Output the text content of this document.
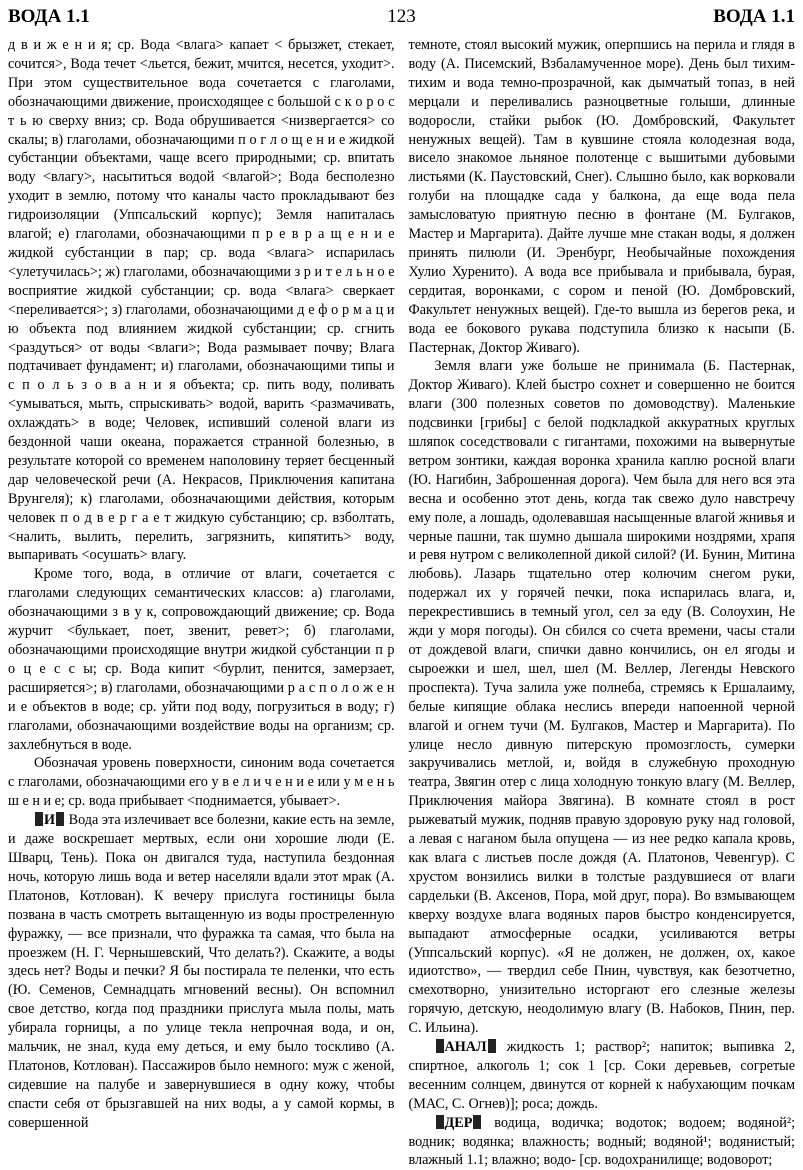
ВОДА 1.1	123	ВОДА 1.1

д в и ж е н и я; ср. Вода <влага> капает < брызжет, стекает, сочится>, Вода течет <льется, бежит, мчится, несется, уходит>. При этом существительное вода сочетается с глаголами, обозначающими движение, происходящее с большой с к о р о с т ь ю сверху вниз; ср. Вода обрушивается <низвергается> со скалы; в) глаголами, обозначающими п о г л о щ е н и е жидкой субстанции объектами, чаще всего природными; ср. впитать воду <влагу>, насытиться водой <влагой>; Вода бесполезно уходит в землю, потому что каналы часто прокладывают без гидроизоляции (Уппсальский корпус); Земля напиталась влагой; е) глаголами, обозначающими п р е в р а щ е н и е жидкой субстанции в пар; ср. вода <влага> испарилась <улетучилась>; ж) глаголами, обозначающими з р и т е л ь н о е восприятие жидкой субстанции; ср. вода <влага> сверкает <переливается>; з) глаголами, обозначающими д е ф о р м а ц и ю объекта под влиянием жидкой субстанции; ср. сгнить <раздуться> от воды <влаги>; Вода размывает почву; Влага подтачивает фундамент; и) глаголами, обозначающими типы и с п о л ь з о в а н и я объекта; ср. пить воду, поливать <умываться, мыть, спрыскивать> водой, варить <размачивать, охлаждать> в воде; Человек, испивший соленой влаги из бездонной чаши океана, поражается странной болезнью, в результате которой со временем наполовину теряет бесценный дар человеческой речи (А. Некрасов, Приключения капитана Врунгеля); к) глаголами, обозначающими действия, которым человек п о д в е р г а е т жидкую субстанцию; ср. взболтать, <налить, вылить, перелить, загрязнить, кипятить> воду, выпаривать <осушать> влагу.

Кроме того, вода, в отличие от влаги, сочетается с глаголами следующих семантических классов: а) глаголами, обозначающими з в у к, сопровождающий движение; ср. Вода журчит <булькает, поет, звенит, ревет>; б) глаголами, обозначающими происходящие внутри жидкой субстанции п р о ц е с с ы; ср. Вода кипит <бурлит, пенится, замерзает, расширяется>; в) глаголами, обозначающими р а с п о л о ж е н и е объектов в воде; ср. уйти под воду, погрузиться в воду; г) глаголами, обозначающими воздействие воды на организм; ср. захлебнуться в воде.

Обозначая уровень поверхности, синоним вода сочетается с глаголами, обозначающими его у в е л и ч е н и е или у м е н ь ш е н и е; ср. вода прибывает <поднимается, убывает>.

И Вода эта излечивает все болезни, какие есть на земле, и даже воскрешает мертвых, если они хорошие люди (Е. Шварц, Тень). Пока он двигался туда, наступила бездонная ночь, которую лишь вода и ветер населяли вдали этот мрак (А. Платонов, Котлован). К вечеру прислуга гостиницы была позвана в часть смотреть вытащенную из воды простреленную фуражку, — все признали, что фуражка та самая, что была на проезжем (Н. Г. Чернышевский, Что делать?). Скажите, а воды здесь нет? Воды и печки? Я бы постирала те пеленки, что есть (Ю. Семенов, Семнадцать мгновений весны). Он вспомнил свое детство, когда под праздники прислуга мыла полы, мать убирала горницы, а по улице текла непрочная вода, и он, мальчик, не знал, куда ему деться, и ему было тоскливо (А. Платонов, Котлован). Пассажиров было немного: муж с женой, сидевшие на палубе и завернувшиеся в одну кожу, чтобы спасти себя от брызгавшей на них воды, а у самой кормы, в совершенной

темноте, стоял высокий мужик, оперпшись на перила и глядя в воду (А. Писемский, Взбаламученное море). День был тихим-тихим и вода темно-прозрачной, как дымчатый топаз, в ней мерцали и переливались разноцветные голыши, длинные водоросли, стайки рыбок (Ю. Домбровский, Факультет ненужных вещей). Там в кувшине стояла колодезная вода, висело знакомое льняное полотенце с вышитыми дубовыми листьями (К. Паустовский, Снег). Слышно было, как ворковали голуби на площадке сада у балкона, да еще вода пела замысловатую приятную песню в фонтане (М. Булгаков, Мастер и Маргарита). Дайте лучше мне стакан воды, я должен принять пилюли (И. Эренбург, Необычайные похождения Хулио Хуренито). А вода все прибывала и прибывала, бурая, сердитая, воронками, с сором и пеной (Ю. Домбровский, Факультет ненужных вещей). Где-то вышла из берегов река, и вода ее бокового рукава подступила близко к насыпи (Б. Пастернак, Доктор Живаго).

Земля влаги уже больше не принимала (Б. Пастернак, Доктор Живаго). Клей быстро сохнет и совершенно не боится влаги (300 полезных советов по домоводству). Маленькие подсвинки [грибы] с белой подкладкой аккуратных круглых шляпок соседствовали с гигантами, похожими на вывернутые ветром зонтики, каждая воронка хранила каплю росной влаги (Ю. Нагибин, Заброшенная дорога). Чем была для него вся эта весна и особенно этот день, когда так свежо дуло навстречу ему поле, а лошадь, одолевавшая насыщенные влагой жнивья и черные пашни, так шумно дышала широкими ноздрями, храпя и ревя нутром с великолепной дикой силой? (И. Бунин, Митина любовь). Лазарь тщательно отер колючим снегом руки, подержал их у горячей печки, пока испарилась влага, и, перекрестившись в темный угол, сел за еду (В. Солоухин, Не жди у моря погоды). Он сбился со счета времени, часы стали от дождевой влаги, спички давно кончились, он ел ягоды и сыроежки и шел, шел, шел (М. Веллер, Легенды Невского проспекта). Туча залила уже полнеба, стремясь к Ершалаиму, белые кипящие облака неслись впереди напоенной черной влагой и огнем тучи (М. Булгаков, Мастер и Маргарита). По улице несло дивную питерскую промозглость, сумерки закручивались метлой, и, войдя в служебную проходную театра, Звягин отер с лица холодную тонкую влагу (М. Веллер, Приключения майора Звягина). В комнате стоял в рост рыжеватый мужик, подняв правую здоровую руку над головой, а левая с наганом была опущена — из нее редко капала кровь, как влага с листьев после дождя (А. Платонов, Чевенгур). С хрустом вонзились вилки в толстые раздувшиеся от влаги сардельки (В. Аксенов, Пора, мой друг, пора). Во взмывающем кверху воздухе влага водяных паров быстро конденсируется, выпадают атмосферные осадки, усиливаются ветры (Уппсальский корпус). «Я не должен, не должен, ох, какое идиотство», — твердил себе Пнин, чувствуя, как безотчетно, смехотворно, унизительно исторгают его слезные железы горячую, детскую, неодолимую влагу (В. Набоков, Пнин, пер. С. Ильина).

АНАЛ жидкость 1; раствор²; напиток; выпивка 2, спиртное, алкоголь 1; сок 1 [ср. Соки деревьев, согретые весенним солнцем, двинутся от корней к набухающим почкам (МАС, С. Огнев)]; роса; дождь.

ДЕР водица, водичка; водоток; водоем; водяной²; водник; водянка; влажность; водный; водяной¹; водянистый; влажный 1.1; влажно; водо- [ср. водохранилище; водоворот;
